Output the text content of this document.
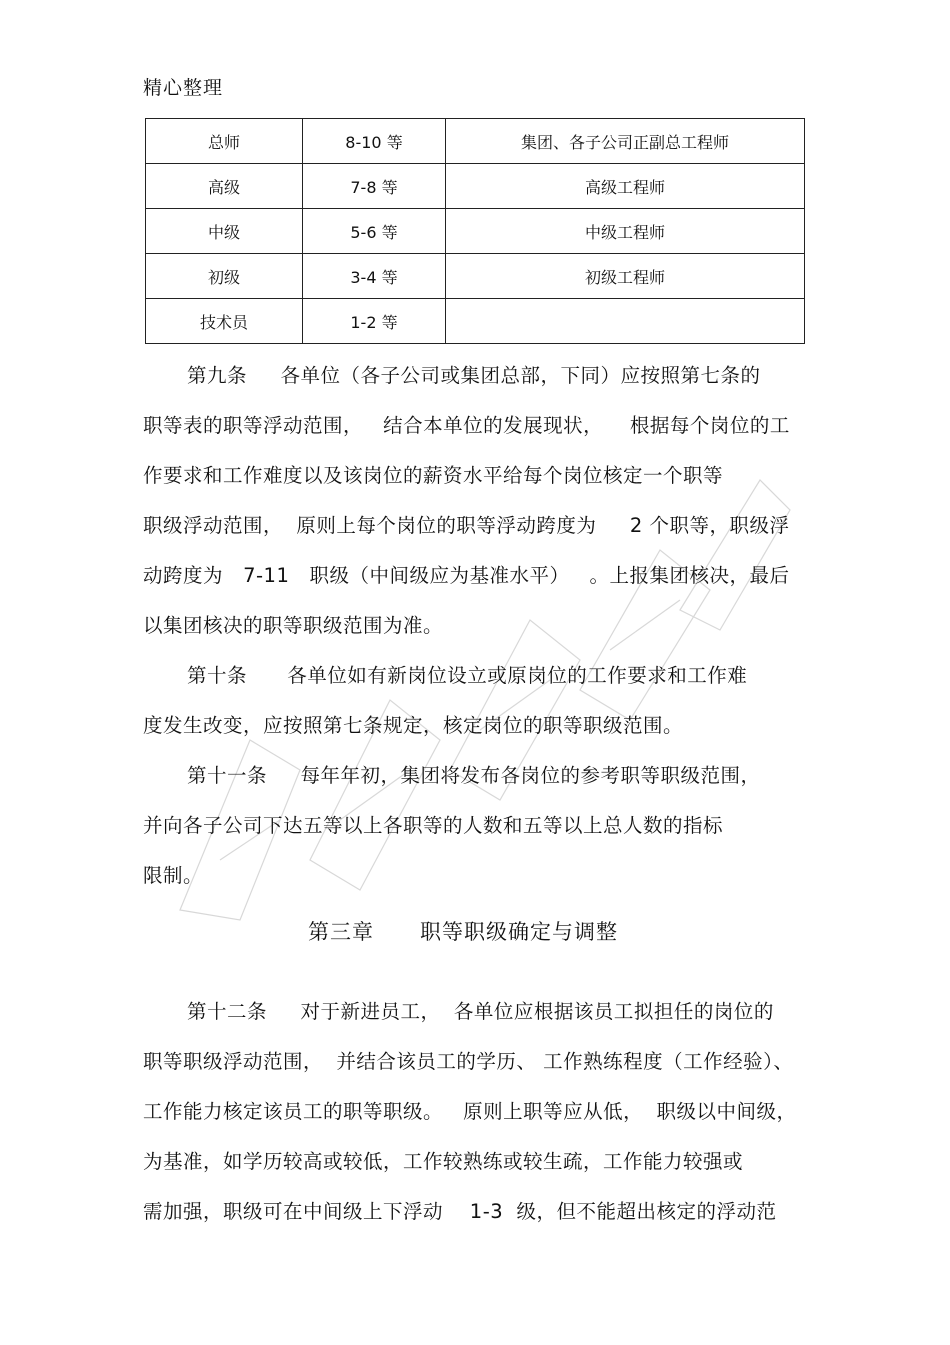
精心整理
总师	8-10 等	集团、各子公司正副总工程师
高级	7-8 等	高级工程师
中级	5-6 等	中级工程师
初级	3-4 等	初级工程师
技术员	1-2 等	
第九条     各单位（各子公司或集团总部，下同）应按照第七条的
职等表的职等浮动范围，   结合本单位的发展现状，    根据每个岗位的工
作要求和工作难度以及该岗位的薪资水平给每个岗位核定一个职等
职级浮动范围，  原则上每个岗位的职等浮动跨度为     2 个职等，职级浮
动跨度为   7-11   职级（中间级应为基准水平）   。上报集团核决，最后
以集团核决的职等职级范围为准。
第十条      各单位如有新岗位设立或原岗位的工作要求和工作难
度发生改变，应按照第七条规定，核定岗位的职等职级范围。
第十一条     每年年初，集团将发布各岗位的参考职等职级范围，
并向各子公司下达五等以上各职等的人数和五等以上总人数的指标
限制。
第三章      职等职级确定与调整
第十二条     对于新进员工，  各单位应根据该员工拟担任的岗位的
职等职级浮动范围，  并结合该员工的学历、 工作熟练程度（工作经验）、
工作能力核定该员工的职等职级。   原则上职等应从低，  职级以中间级，
为基准，如学历较高或较低，工作较熟练或较生疏，工作能力较强或
需加强，职级可在中间级上下浮动    1-3  级，但不能超出核定的浮动范
